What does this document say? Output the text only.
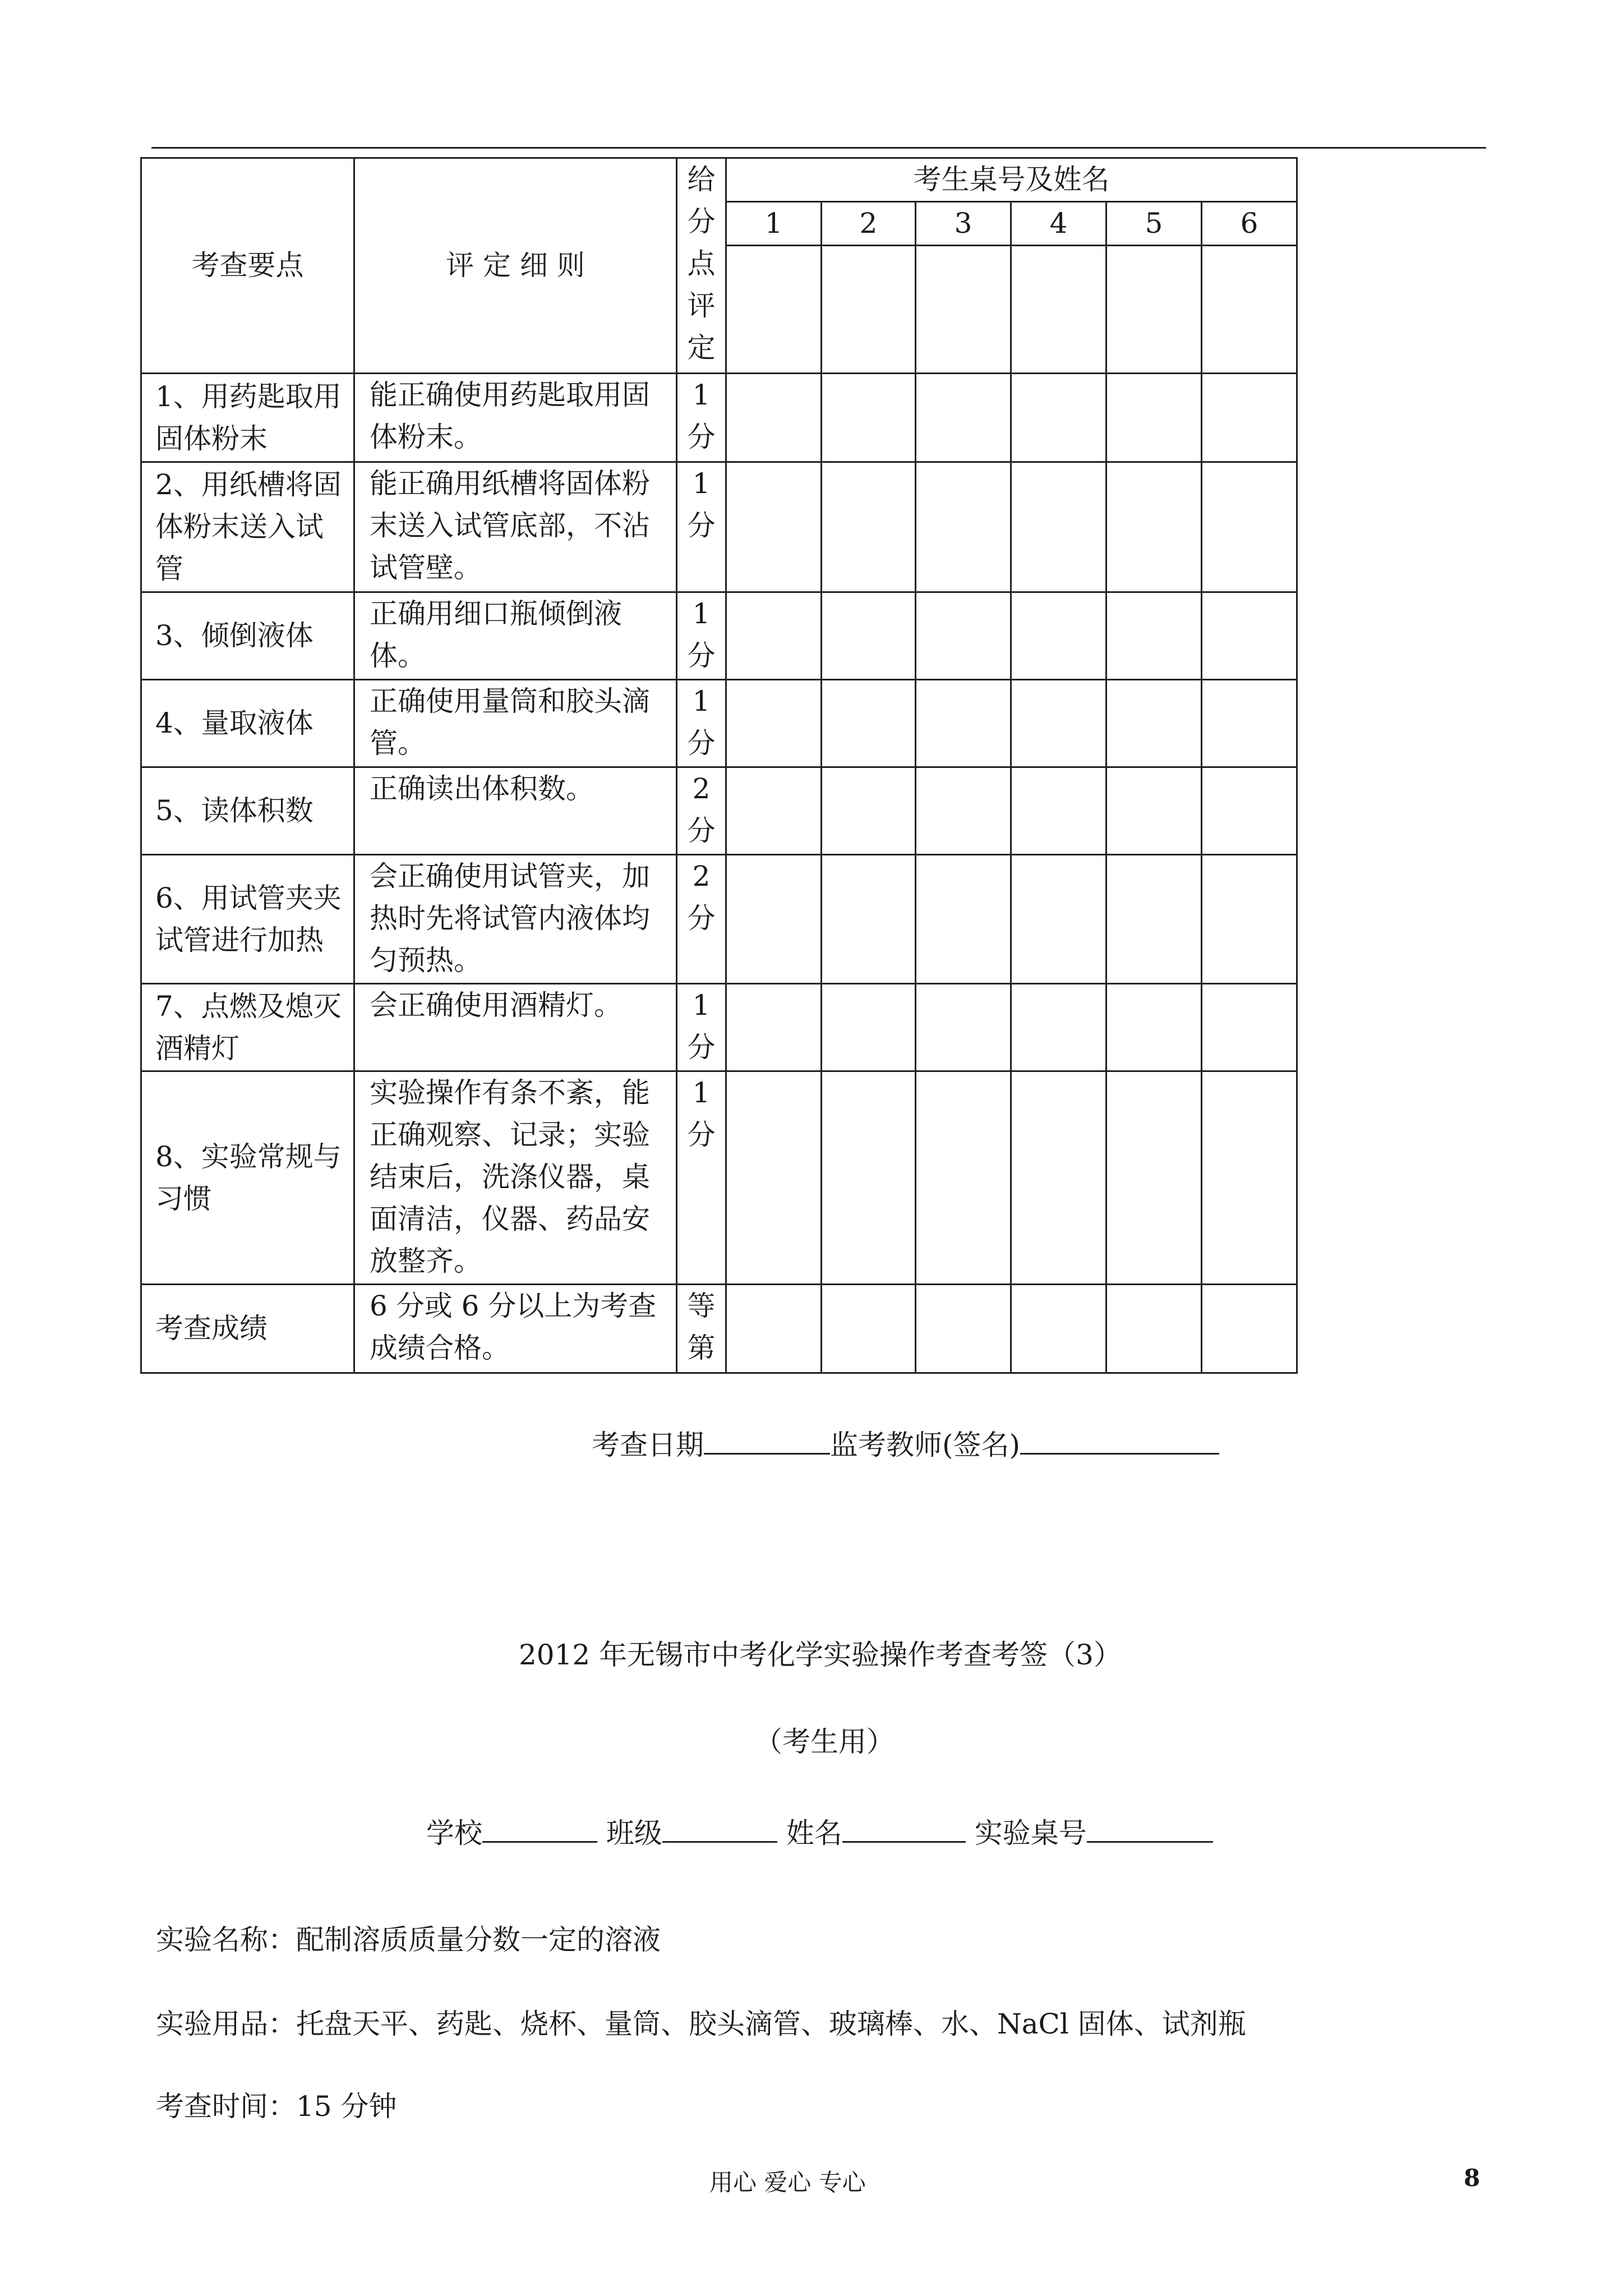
考查要点	评 定 细 则	给
分
点
评
定	考生桌号及姓名					
			1	2	3	4	5	6

1、用药匙取用
固体粉末	能正确使用药匙取用固
体粉末。	1
分						

2、用纸槽将固
体粉末送入试
管	能正确用纸槽将固体粉
末送入试管底部，不沾
试管壁。	1
分						

3、倾倒液体	正确用细口瓶倾倒液体。	1
分						

4、量取液体	正确使用量筒和胶头滴
管。	1
分						

5、读体积数	正确读出体积数。	2
分						

6、用试管夹夹
试管进行加热	会正确使用试管夹，加
热时先将试管内液体均
匀预热。	2
分						

7、点燃及熄灭
酒精灯	会正确使用酒精灯。	1
分						

8、实验常规与
习惯	实验操作有条不紊，能
正确观察、记录；实验
结束后，洗涤仪器，桌
面清洁，仪器、药品安
放整齐。	1
分						

考查成绩	6 分或 6 分以上为考查
成绩合格。	等
第						

考查日期	监考教师(签名)
2012 年无锡市中考化学实验操作考查考签（3）
（考生用）
学校	班级	姓名	实验桌号
实验名称：配制溶质质量分数一定的溶液
实验用品：托盘天平、药匙、烧杯、量筒、胶头滴管、玻璃棒、水、NaCl 固体、试剂瓶
考查时间：15 分钟
用心 爱心 专心	8
